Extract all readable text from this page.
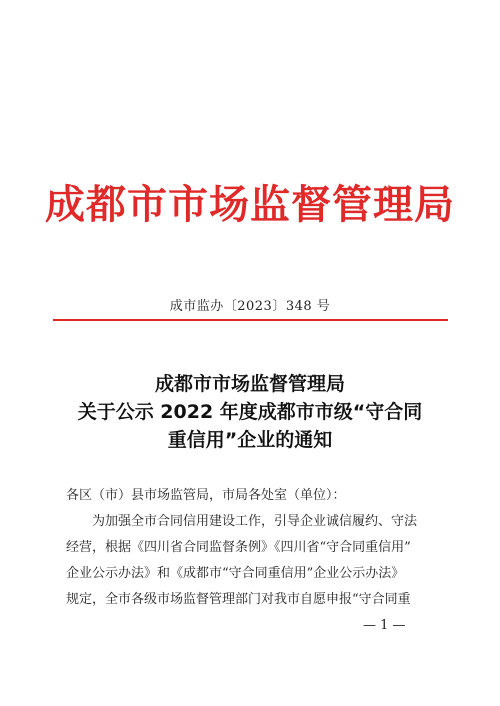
成都市市场监督管理局
成市监办〔2023〕348 号
成都市市场监督管理局
关于公示 2022 年度成都市市级“守合同
重信用”企业的通知
各区（市）县市场监管局，市局各处室（单位）：
为加强全市合同信用建设工作，引导企业诚信履约、守法
经营，根据《四川省合同监督条例》《四川省“守合同重信用”
企业公示办法》和《成都市“守合同重信用”企业公示办法》
规定，全市各级市场监督管理部门对我市自愿申报“守合同重
— 1 —
